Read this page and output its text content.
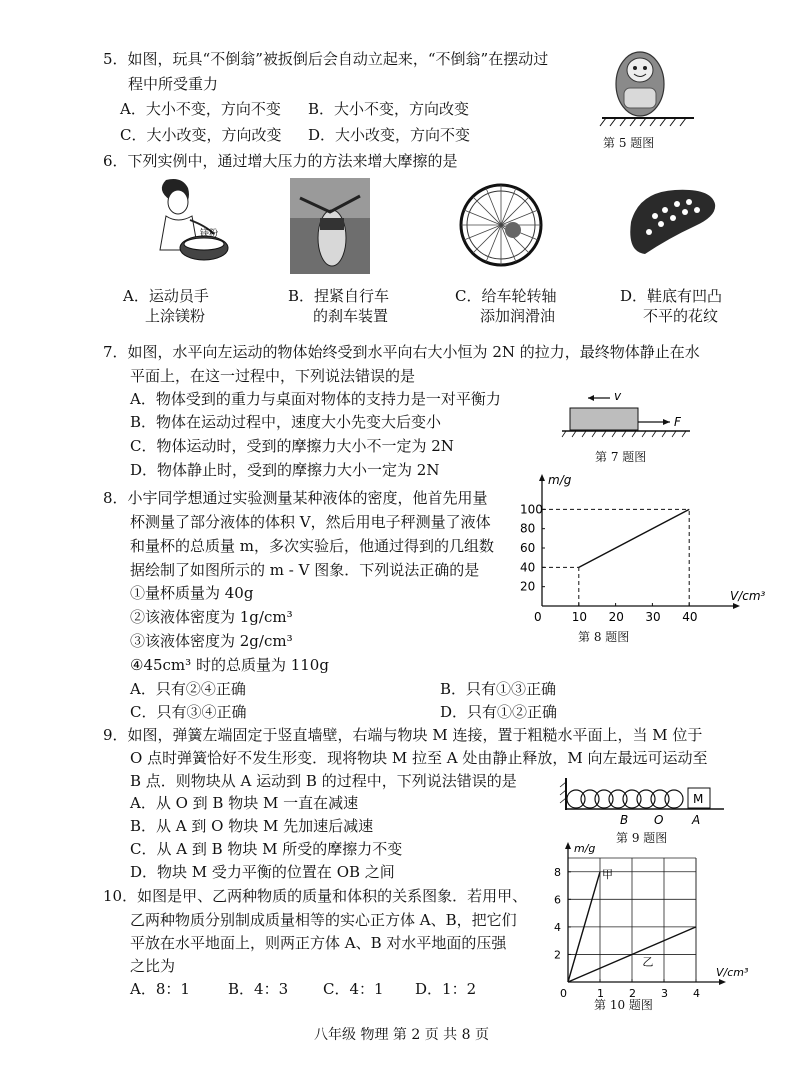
5．如图，玩具“不倒翁”被扳倒后会自动立起来，“不倒翁”在摆动过
程中所受重力
A．大小不变，方向不变 B．大小不变，方向改变
C．大小改变，方向改变 D．大小改变，方向不变	第 5 题图
6．下列实例中，通过增大压力的方法来增大摩擦的是
镁粉
A．运动员手
上涂镁粉
B．捏紧自行车
的刹车装置
C．给车轮转轴
添加润滑油
D．鞋底有凹凸
不平的花纹
7．如图，水平向左运动的物体始终受到水平向右大小恒为 2N 的拉力，最终物体静止在水
平面上，在这一过程中，下列说法错误的是
A．物体受到的重力与桌面对物体的支持力是一对平衡力
B．物体在运动过程中，速度大小先变大后变小
C．物体运动时，受到的摩擦力大小不一定为 2N
D．物体静止时，受到的摩擦力大小一定为 2N
v
F
第 7 题图
8．小宇同学想通过实验测量某种液体的密度，他首先用量
杯测量了部分液体的体积 V，然后用电子秤测量了液体
和量杯的总质量 m，多次实验后，他通过得到的几组数
据绘制了如图所示的 m - V 图象．下列说法正确的是
①量杯质量为 40g
②该液体密度为 1g/cm³
③该液体密度为 2g/cm³
④45cm³ 时的总质量为 110g
A．只有②④正确	B．只有①③正确
C．只有③④正确	D．只有①②正确
0	10 20 30 40
20
40
60
80
100
V/cm³
m/g
第 8 题图
9．如图，弹簧左端固定于竖直墙壁，右端与物块 M 连接，置于粗糙水平面上，当 M 位于
O 点时弹簧恰好不发生形变．现将物块 M 拉至 A 处由静止释放，M 向左最远可运动至
B 点．则物块从 A 运动到 B 的过程中，下列说法错误的是
A．从 O 到 B 物块 M 一直在减速
B．从 A 到 O 物块 M 先加速后减速
C．从 A 到 B 物块 M 所受的摩擦力不变
D．物块 M 受力平衡的位置在 OB 之间
M
B O A
第 9 题图
10．如图是甲、乙两种物质的质量和体积的关系图象．若用甲、
乙两种物质分别制成质量相等的实心正方体 A、B，把它们
平放在水平地面上，则两正方体 A、B 对水平地面的压强
之比为
A．8：1	B．4：3 C．4：1 D．1：2	0	1 2 3 4
2
4
6
8
V/cm³
m/g
甲
乙
第 10 题图
八年级 物理 第 2 页 共 8 页
